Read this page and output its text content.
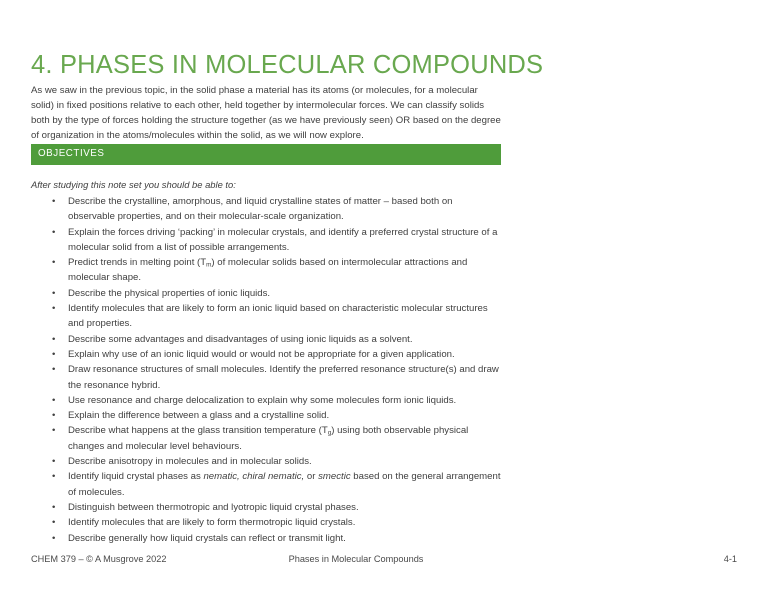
4. PHASES IN MOLECULAR COMPOUNDS

As we saw in the previous topic, in the solid phase a material has its atoms (or molecules, for a molecular solid) in fixed positions relative to each other, held together by intermolecular forces. We can classify solids both by the type of forces holding the structure together (as we have previously seen) OR based on the degree of organization in the atoms/molecules within the solid, as we will now explore.

OBJECTIVES

After studying this note set you should be able to:

• Describe the crystalline, amorphous, and liquid crystalline states of matter – based both on observable properties, and on their molecular-scale organization.
• Explain the forces driving ‘packing’ in molecular crystals, and identify a preferred crystal structure of a molecular solid from a list of possible arrangements.
• Predict trends in melting point $(T_m)$ of molecular solids based on intermolecular attractions and molecular shape.
• Describe the physical properties of ionic liquids.
• Identify molecules that are likely to form an ionic liquid based on characteristic molecular structures and properties.
• Describe some advantages and disadvantages of using ionic liquids as a solvent.
• Explain why use of an ionic liquid would or would not be appropriate for a given application.
• Draw resonance structures of small molecules. Identify the preferred resonance structure(s) and draw the resonance hybrid.
• Use resonance and charge delocalization to explain why some molecules form ionic liquids.
• Explain the difference between a glass and a crystalline solid.
• Describe what happens at the glass transition temperature $(T_g)$ using both observable physical changes and molecular level behaviours.
• Describe anisotropy in molecules and in molecular solids.
• Identify liquid crystal phases as nematic, chiral nematic, or smectic based on the general arrangement of molecules.
• Distinguish between thermotropic and lyotropic liquid crystal phases.
• Identify molecules that are likely to form thermotropic liquid crystals.
• Describe generally how liquid crystals can reflect or transmit light.
CHEM 379 – © A Musgrove 2022	Phases in Molecular Compounds	4-1
